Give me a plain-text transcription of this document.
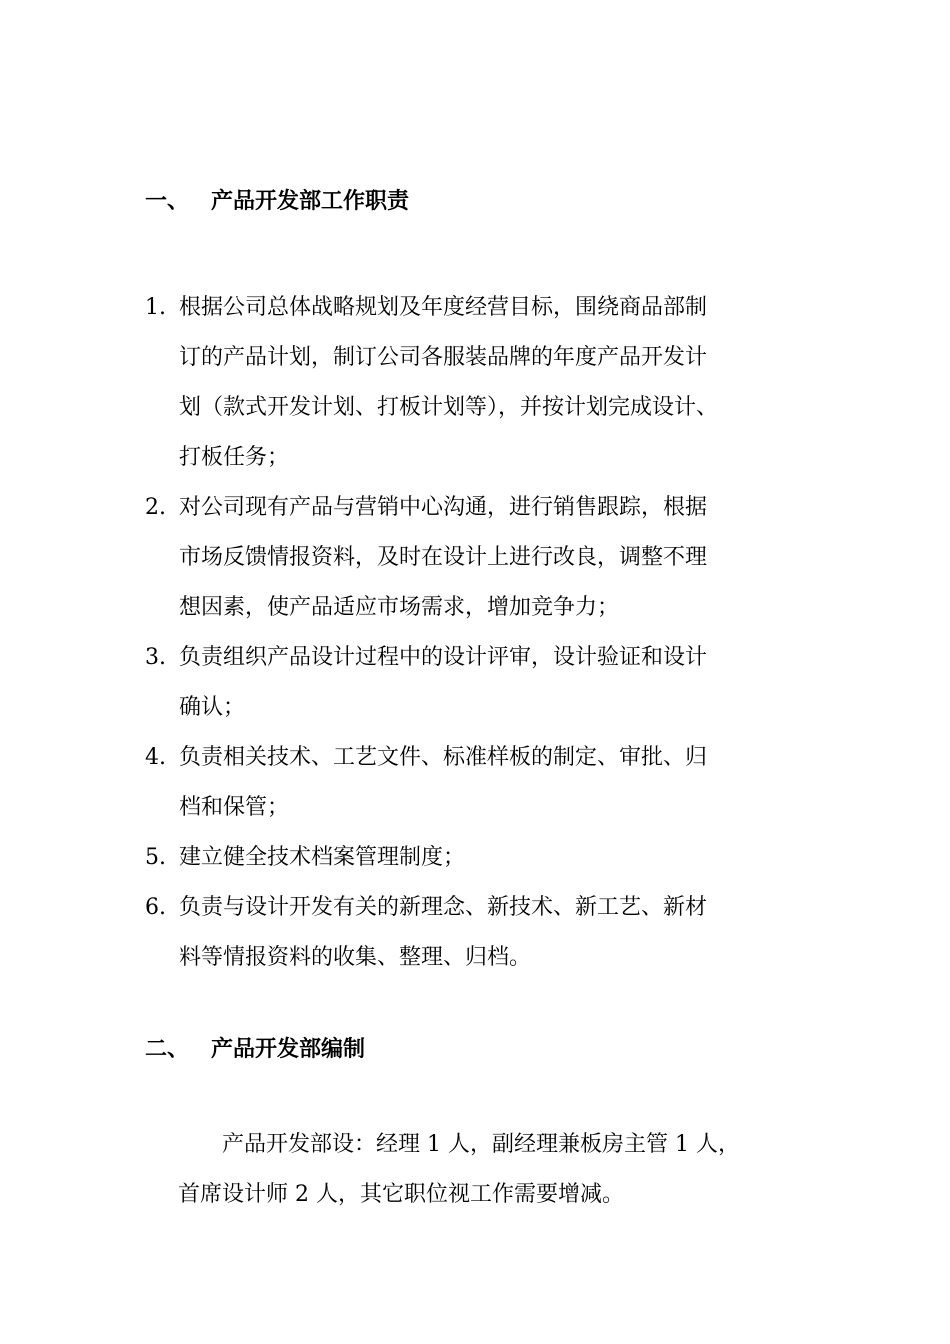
一、 产品开发部工作职责
1. 根据公司总体战略规划及年度经营目标，围绕商品部制
订的产品计划，制订公司各服装品牌的年度产品开发计
划（款式开发计划、打板计划等），并按计划完成设计、
打板任务；
2. 对公司现有产品与营销中心沟通，进行销售跟踪，根据
市场反馈情报资料，及时在设计上进行改良，调整不理
想因素，使产品适应市场需求，增加竞争力；
3. 负责组织产品设计过程中的设计评审，设计验证和设计
确认；
4. 负责相关技术、工艺文件、标准样板的制定、审批、归
档和保管；
5. 建立健全技术档案管理制度；
6. 负责与设计开发有关的新理念、新技术、新工艺、新材
料等情报资料的收集、整理、归档。
二、 产品开发部编制
　　产品开发部设：经理 1 人，副经理兼板房主管 1 人，
首席设计师 2 人，其它职位视工作需要增减。
